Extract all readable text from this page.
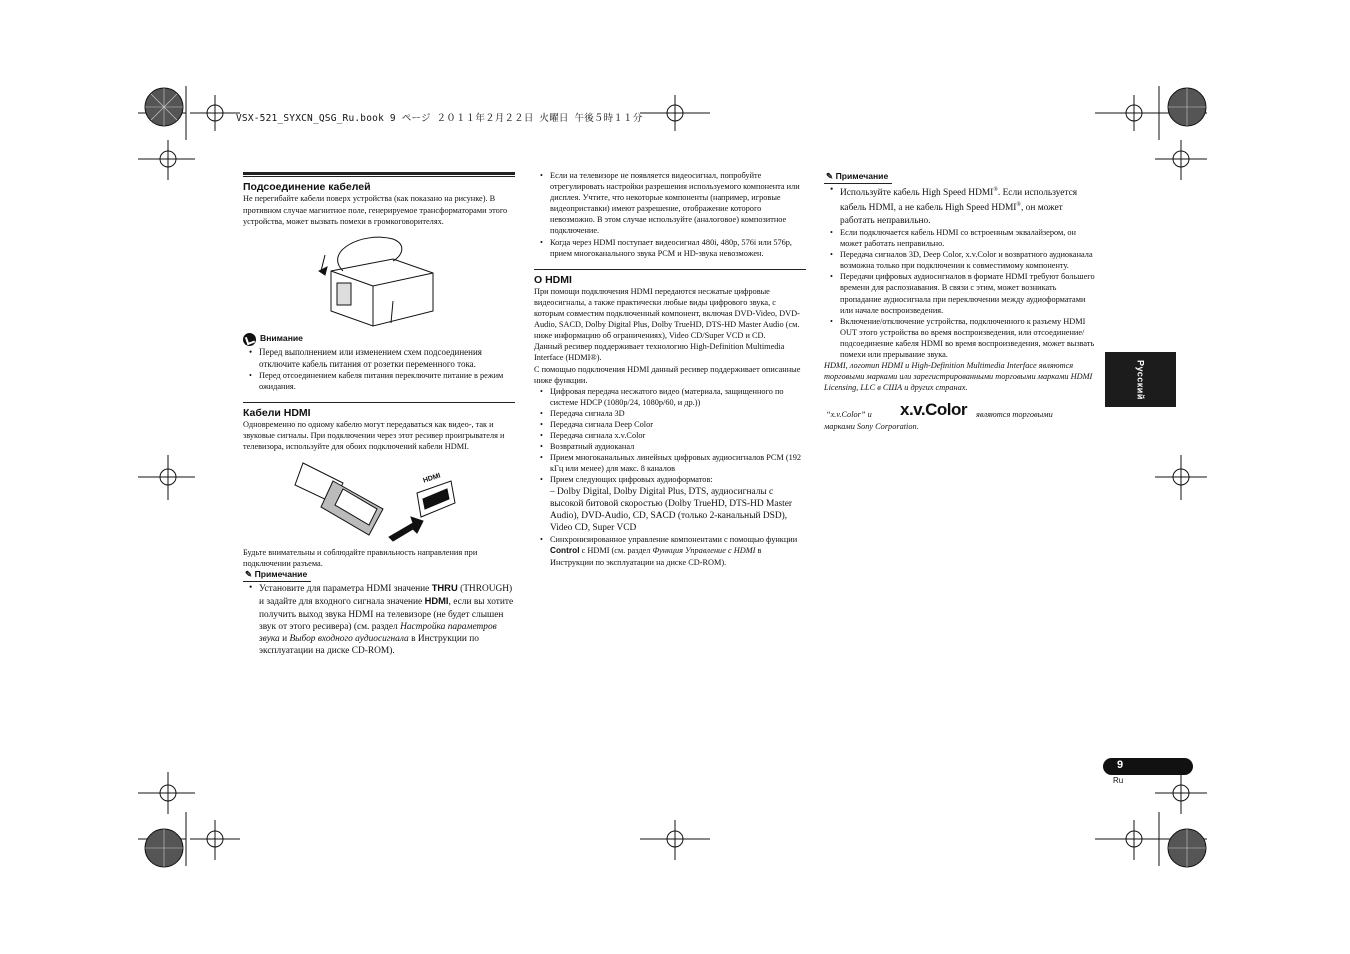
VSX-521_SYXCN_QSG_Ru.book 9 ページ ２０１１年２月２２日 火曜日 午後５時１１分

Подсоединение кабелей

Не перегибайте кабели поверх устройства (как показано на рисунке). В противном случае магнитное поле, генерируемое трансформаторами этого устройства, может вызвать помехи в громкоговорителях.

Внимание

• Перед выполнением или изменением схем подсоединения отключите кабель питания от розетки переменного тока.
• Перед отсоединением кабеля питания переключите питание в режим ожидания.

Кабели HDMI

Одновременно по одному кабелю могут передаваться как видео-, так и звуковые сигналы. При подключении через этот ресивер проигрывателя и телевизора, используйте для обоих подключений кабели HDMI.

HDMI

Будьте внимательны и соблюдайте правильность направления при подключении разъема.

✎ Примечание

• Установите для параметра HDMI значение THRU (THROUGH) и задайте для входного сигнала значение HDMI, если вы хотите получить выход звука HDMI на телевизоре (не будет слышен звук от этого ресивера) (см. раздел Настройка параметров звука и Выбор входного аудиосигнала в Инструкции по эксплуатации на диске CD-ROM).
• Если на телевизоре не появляется видеосигнал, попробуйте отрегулировать настройки разрешения используемого компонента или дисплея. Учтите, что некоторые компоненты (например, игровые видеоприставки) имеют разрешение, отображение которого невозможно. В этом случае используйте (аналоговое) композитное подключение.
• Когда через HDMI поступает видеосигнал 480i, 480p, 576i или 576p, прием многоканального звука PCM и HD-звука невозможен.

О HDMI

При помощи подключения HDMI передаются несжатые цифровые видеосигналы, а также практически любые виды цифрового звука, с которым совместим подключенный компонент, включая DVD-Video, DVD-Audio, SACD, Dolby Digital Plus, Dolby TrueHD, DTS-HD Master Audio (см. ниже информацию об ограничениях), Video CD/Super VCD и CD.

Данный ресивер поддерживает технологию High-Definition Multimedia Interface (HDMI®).

С помощью подключения HDMI данный ресивер поддерживает описанные ниже функции.

• Цифровая передача несжатого видео (материала, защищенного по системе HDCP (1080p/24, 1080p/60, и др.))
• Передача сигнала 3D
• Передача сигнала Deep Color
• Передача сигнала x.v.Color
• Возвратный аудиоканал
• Прием многоканальных линейных цифровых аудиосигналов PCM (192 кГц или менее) для макс. 8 каналов
• Прием следующих цифровых аудиоформатов:

– Dolby Digital, Dolby Digital Plus, DTS, аудиосигналы с высокой битовой скоростью (Dolby TrueHD, DTS-HD Master Audio), DVD-Audio, CD, SACD (только 2-канальный DSD), Video CD, Super VCD
• Синхронизированное управление компонентами с помощью функции Control с HDMI (см. раздел Функция Управление с HDMI в Инструкции по эксплуатации на диске CD-ROM).

✎ Примечание

• Используйте кабель High Speed HDMI®. Если используется кабель HDMI, а не кабель High Speed HDMI®, он может работать неправильно.
• Если подключается кабель HDMI со встроенным эквалайзером, он может работать неправильно.
• Передача сигналов 3D, Deep Color, x.v.Color и возвратного аудиоканала возможна только при подключении к совместимому компоненту.
• Передачи цифровых аудиосигналов в формате HDMI требуют большего времени для распознавания. В связи с этим, может возникать пропадание аудиосигнала при переключении между аудиоформатами или начале воспроизведения.
• Включение/отключение устройства, подключенного к разъему HDMI OUT этого устройства во время воспроизведения, или отсоединение/подсоединение кабеля HDMI во время воспроизведения, может вызвать помехи или прерывание звука.

HDMI, логотип HDMI и High-Definition Multimedia Interface являются торговыми марками или зарегистрированными торговыми марками HDMI Licensing, LLC в США и других странах.

“x.v.Color” и x.v.Color являются торговыми
марками Sony Corporation.
Русский
9
Ru
